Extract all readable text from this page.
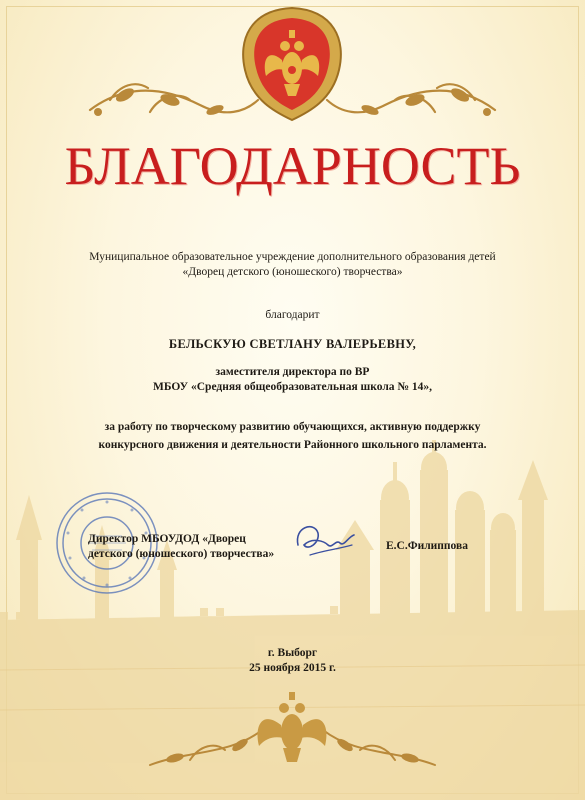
БЛАГОДАРНОСТЬ
Муниципальное образовательное учреждение дополнительного образования детей
«Дворец детского (юношеского) творчества»
благодарит
БЕЛЬСКУЮ СВЕТЛАНУ ВАЛЕРЬЕВНУ,
заместителя директора по ВР
МБОУ «Средняя общеобразовательная школа № 14»,
за работу по творческому развитию обучающихся, активную поддержку
конкурсного движения и деятельности Районного школьного парламента.
Директор МБОУДОД «Дворец
детского (юношеского) творчества»
Е.С.Филиппова
г. Выборг
25 ноября 2015 г.
